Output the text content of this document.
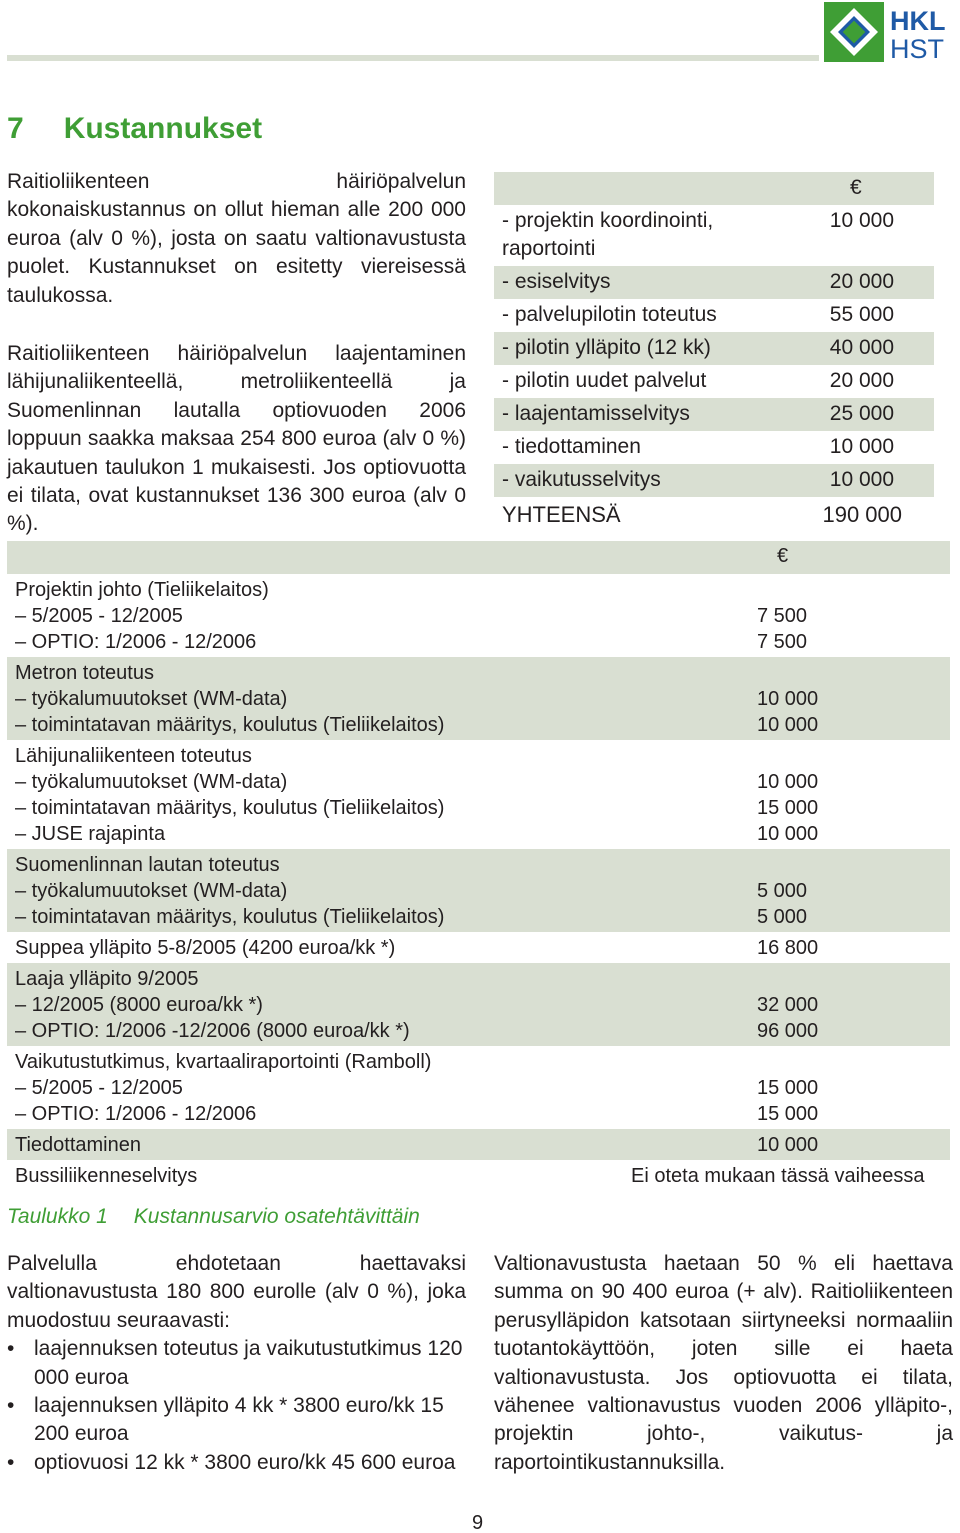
HKL
HST
7 Kustannukset

Raitioliikenteen häiriöpalvelun kokonaiskustannus on ollut hieman alle 200 000 euroa (alv 0 %), josta on saatu valtionavustusta puolet. Kustannukset on esitetty viereisessä taulukossa.

Raitioliikenteen häiriöpalvelun laajentaminen lähijunaliikenteellä, metroliikenteellä ja Suomenlinnan lautalla optiovuoden 2006 loppuun saakka maksaa 254 800 euroa (alv 0 %) jakautuen taulukon 1 mukaisesti. Jos optiovuotta ei tilata, ovat kustannukset 136 300 euroa (alv 0 %).

€
- projektin koordinointi,
raportointi
10 000
- esiselvitys	20 000
- palvelupilotin toteutus	55 000
- pilotin ylläpito (12 kk)	40 000
- pilotin uudet palvelut	20 000
- laajentamisselvitys	25 000
- tiedottaminen	10 000
- vaikutusselvitys	10 000
YHTEENSÄ	190 000
€
Projektin johto (Tieliikelaitos)
– 5/2005 - 12/2005	7 500
– OPTIO: 1/2006 - 12/2006	7 500
Metron toteutus
– työkalumuutokset (WM-data)	10 000
– toimintatavan määritys, koulutus (Tieliikelaitos)	10 000
Lähijunaliikenteen toteutus
– työkalumuutokset (WM-data)	10 000
– toimintatavan määritys, koulutus (Tieliikelaitos)	15 000
– JUSE rajapinta	10 000
Suomenlinnan lautan toteutus
– työkalumuutokset (WM-data)	5 000
– toimintatavan määritys, koulutus (Tieliikelaitos)	5 000
Suppea ylläpito 5-8/2005 (4200 euroa/kk *)	16 800
Laaja ylläpito 9/2005
– 12/2005 (8000 euroa/kk *)	32 000
– OPTIO: 1/2006 -12/2006 (8000 euroa/kk *)	96 000
Vaikutustutkimus, kvartaaliraportointi (Ramboll)
– 5/2005 - 12/2005	15 000
– OPTIO: 1/2006 - 12/2006	15 000
Tiedottaminen	10 000
Bussiliikenneselvitys	Ei oteta mukaan tässä vaiheessa
Taulukko 1 Kustannusarvio osatehtävittäin

Palvelulla ehdotetaan haettavaksi valtionavustusta 180 800 eurolle (alv 0 %), joka muodostuu seuraavasti:

• laajennuksen toteutus ja vaikutustutkimus 120 000 euroa
• laajennuksen ylläpito 4 kk * 3800 euro/kk 15 200 euroa
• optiovuosi 12 kk * 3800 euro/kk 45 600 euroa

Valtionavustusta haetaan 50 % eli haettava summa on 90 400 euroa (+ alv). Raitioliikenteen perusylläpidon katsotaan siirtyneeksi normaaliin tuotantokäyttöön, joten sille ei haeta valtionavustusta. Jos optiovuotta ei tilata, vähenee valtionavustus vuoden 2006 ylläpito-, projektin johto-, vaikutus- ja raportointikustannuksilla.

9
